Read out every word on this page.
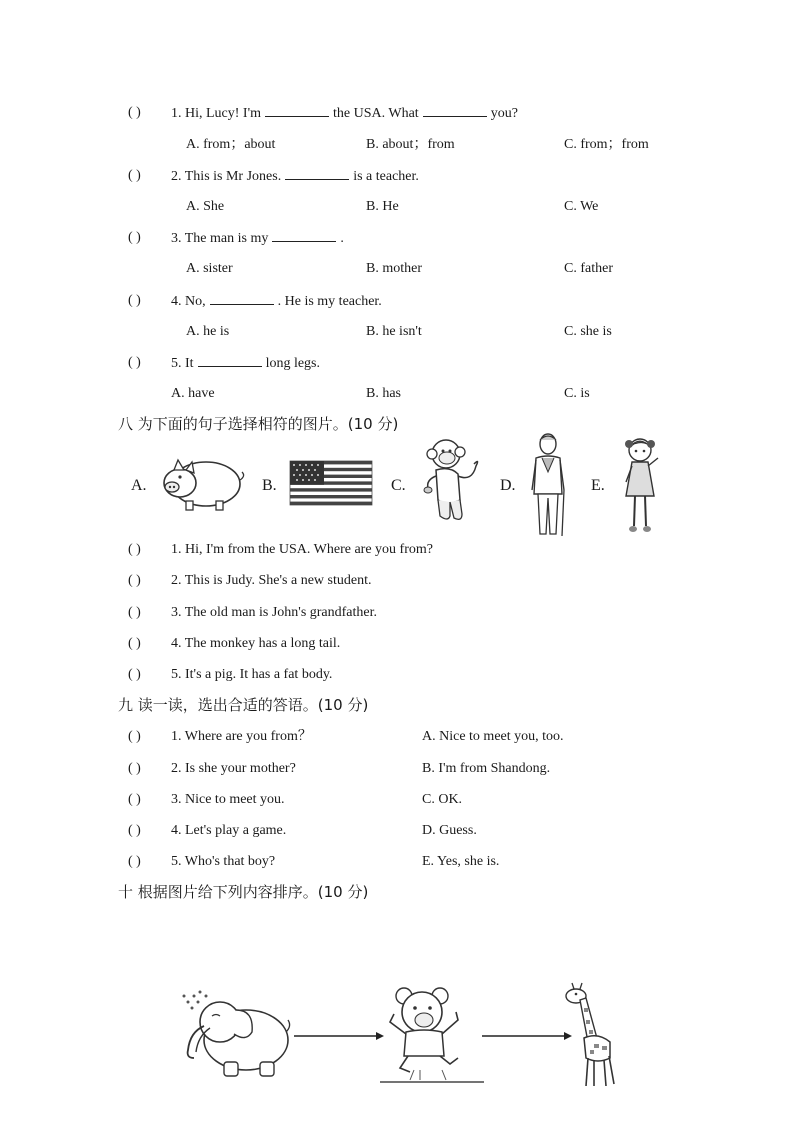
( ) 1. Hi, Lucy! I'm	the USA. What	you?
A. from；about	B. about；from	C. from；from
( ) 2. This is Mr Jones.	is a teacher.
A. She	B. He	C. We
( ) 3. The man is my	.
A. sister	B. mother	C. father
( ) 4. No,	. He is my teacher.
A. he is	B. he isn't	C. she is
( ) 5. It	long legs.
A. have	B. has	C. is
八 为下面的句子选择相符的图片。(10 分)
A.	B.	C.	D.	E.
( ) 1. Hi, I'm from the USA. Where are you from?
( ) 2. This is Judy. She's a new student.
( ) 3. The old man is John's grandfather.
( ) 4. The monkey has a long tail.
( ) 5. It's a pig. It has a fat body.
九 读一读，选出合适的答语。(10 分)
( ) 1. Where are you from？	A. Nice to meet you, too.
( ) 2. Is she your mother?	B. I'm from Shandong.
( ) 3. Nice to meet you.	C. OK.
( ) 4. Let's play a game.	D. Guess.
( ) 5. Who's that boy?	E. Yes, she is.
十 根据图片给下列内容排序。(10 分)
